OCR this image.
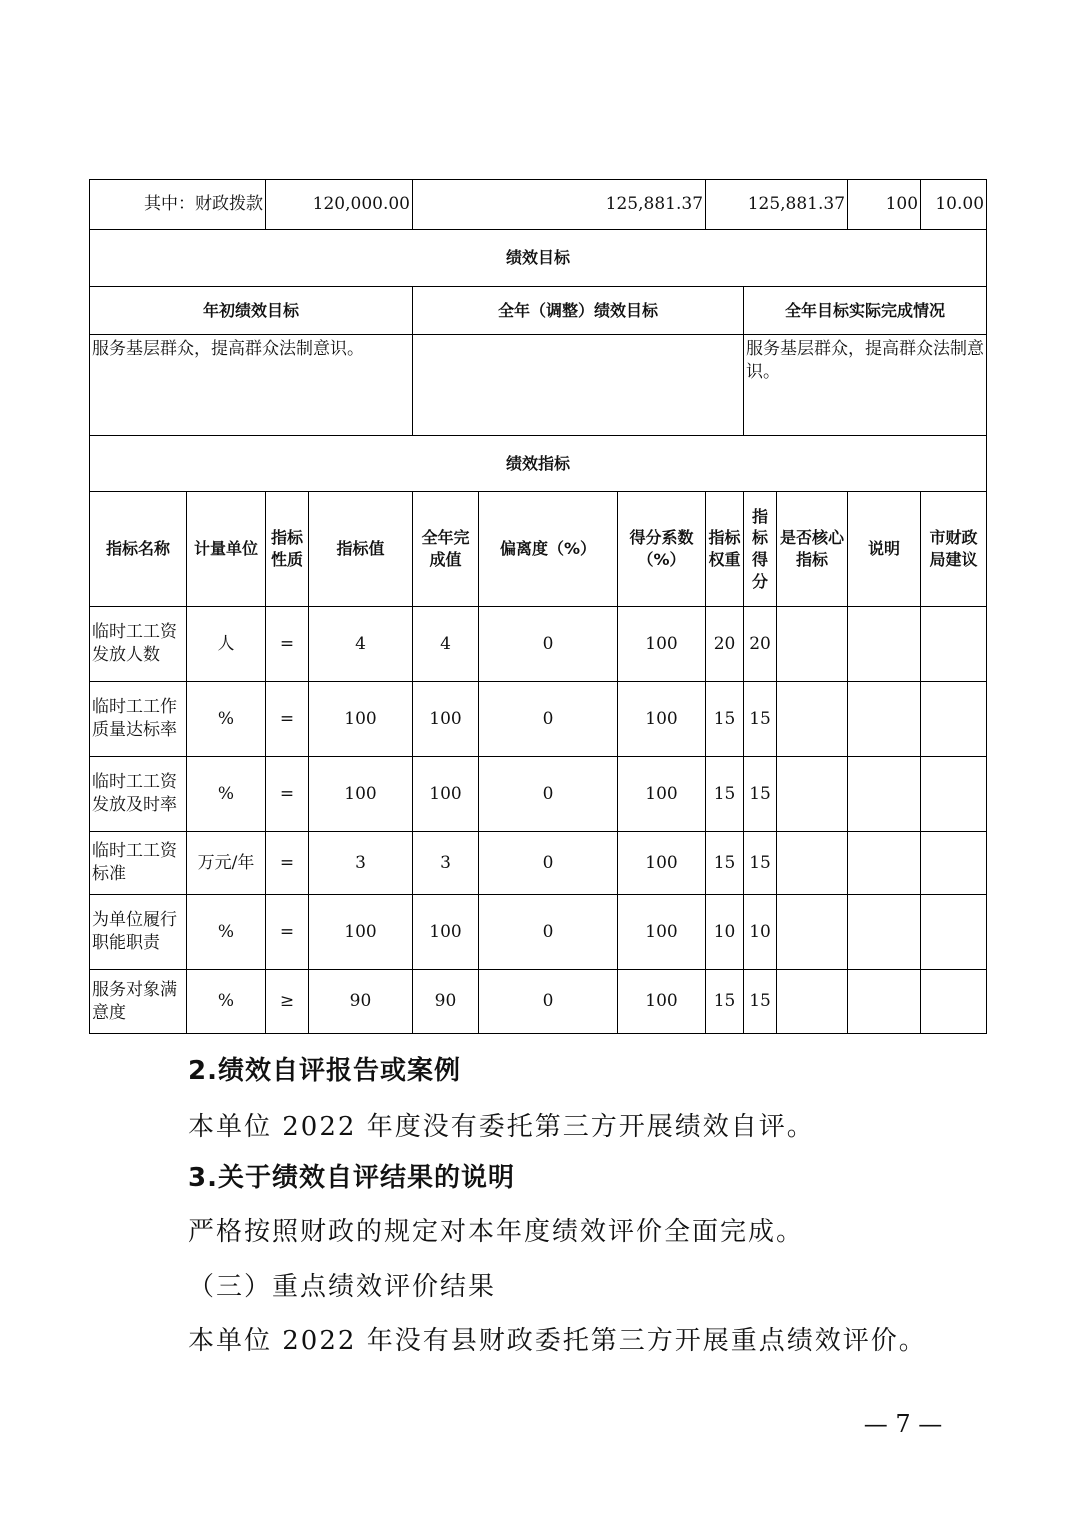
其中：财政拨款		120,000.00		125,881.37			125,881.37			100	10.00	
绩效目标												
年初绩效目标				全年（调整）绩效目标				全年目标实际完成情况				
服务基层群众，提高群众法制意识。								服务基层群众，提高群众法制意识。				
绩效指标												
指标名称	计量单位	指标性质	指标值	全年完成值	偏离度（%）	得分系数（%）	指标权重	指标得分	是否核心指标	说明	市财政局建议	
临时工工资发放人数	人	=	4	4	0	100	20	20				
临时工工作质量达标率	%	=	100	100	0	100	15	15				
临时工工资发放及时率	%	=	100	100	0	100	15	15				
临时工工资标准	万元/年	=	3	3	0	100	15	15				
为单位履行职能职责	%	=	100	100	0	100	10	10				
服务对象满意度	%	≥	90	90	0	100	15	15				

2.绩效自评报告或案例

本单位 2022 年度没有委托第三方开展绩效自评。

3.关于绩效自评结果的说明

严格按照财政的规定对本年度绩效评价全面完成。

（三）重点绩效评价结果

本单位 2022 年没有县财政委托第三方开展重点绩效评价。

— 7 —
